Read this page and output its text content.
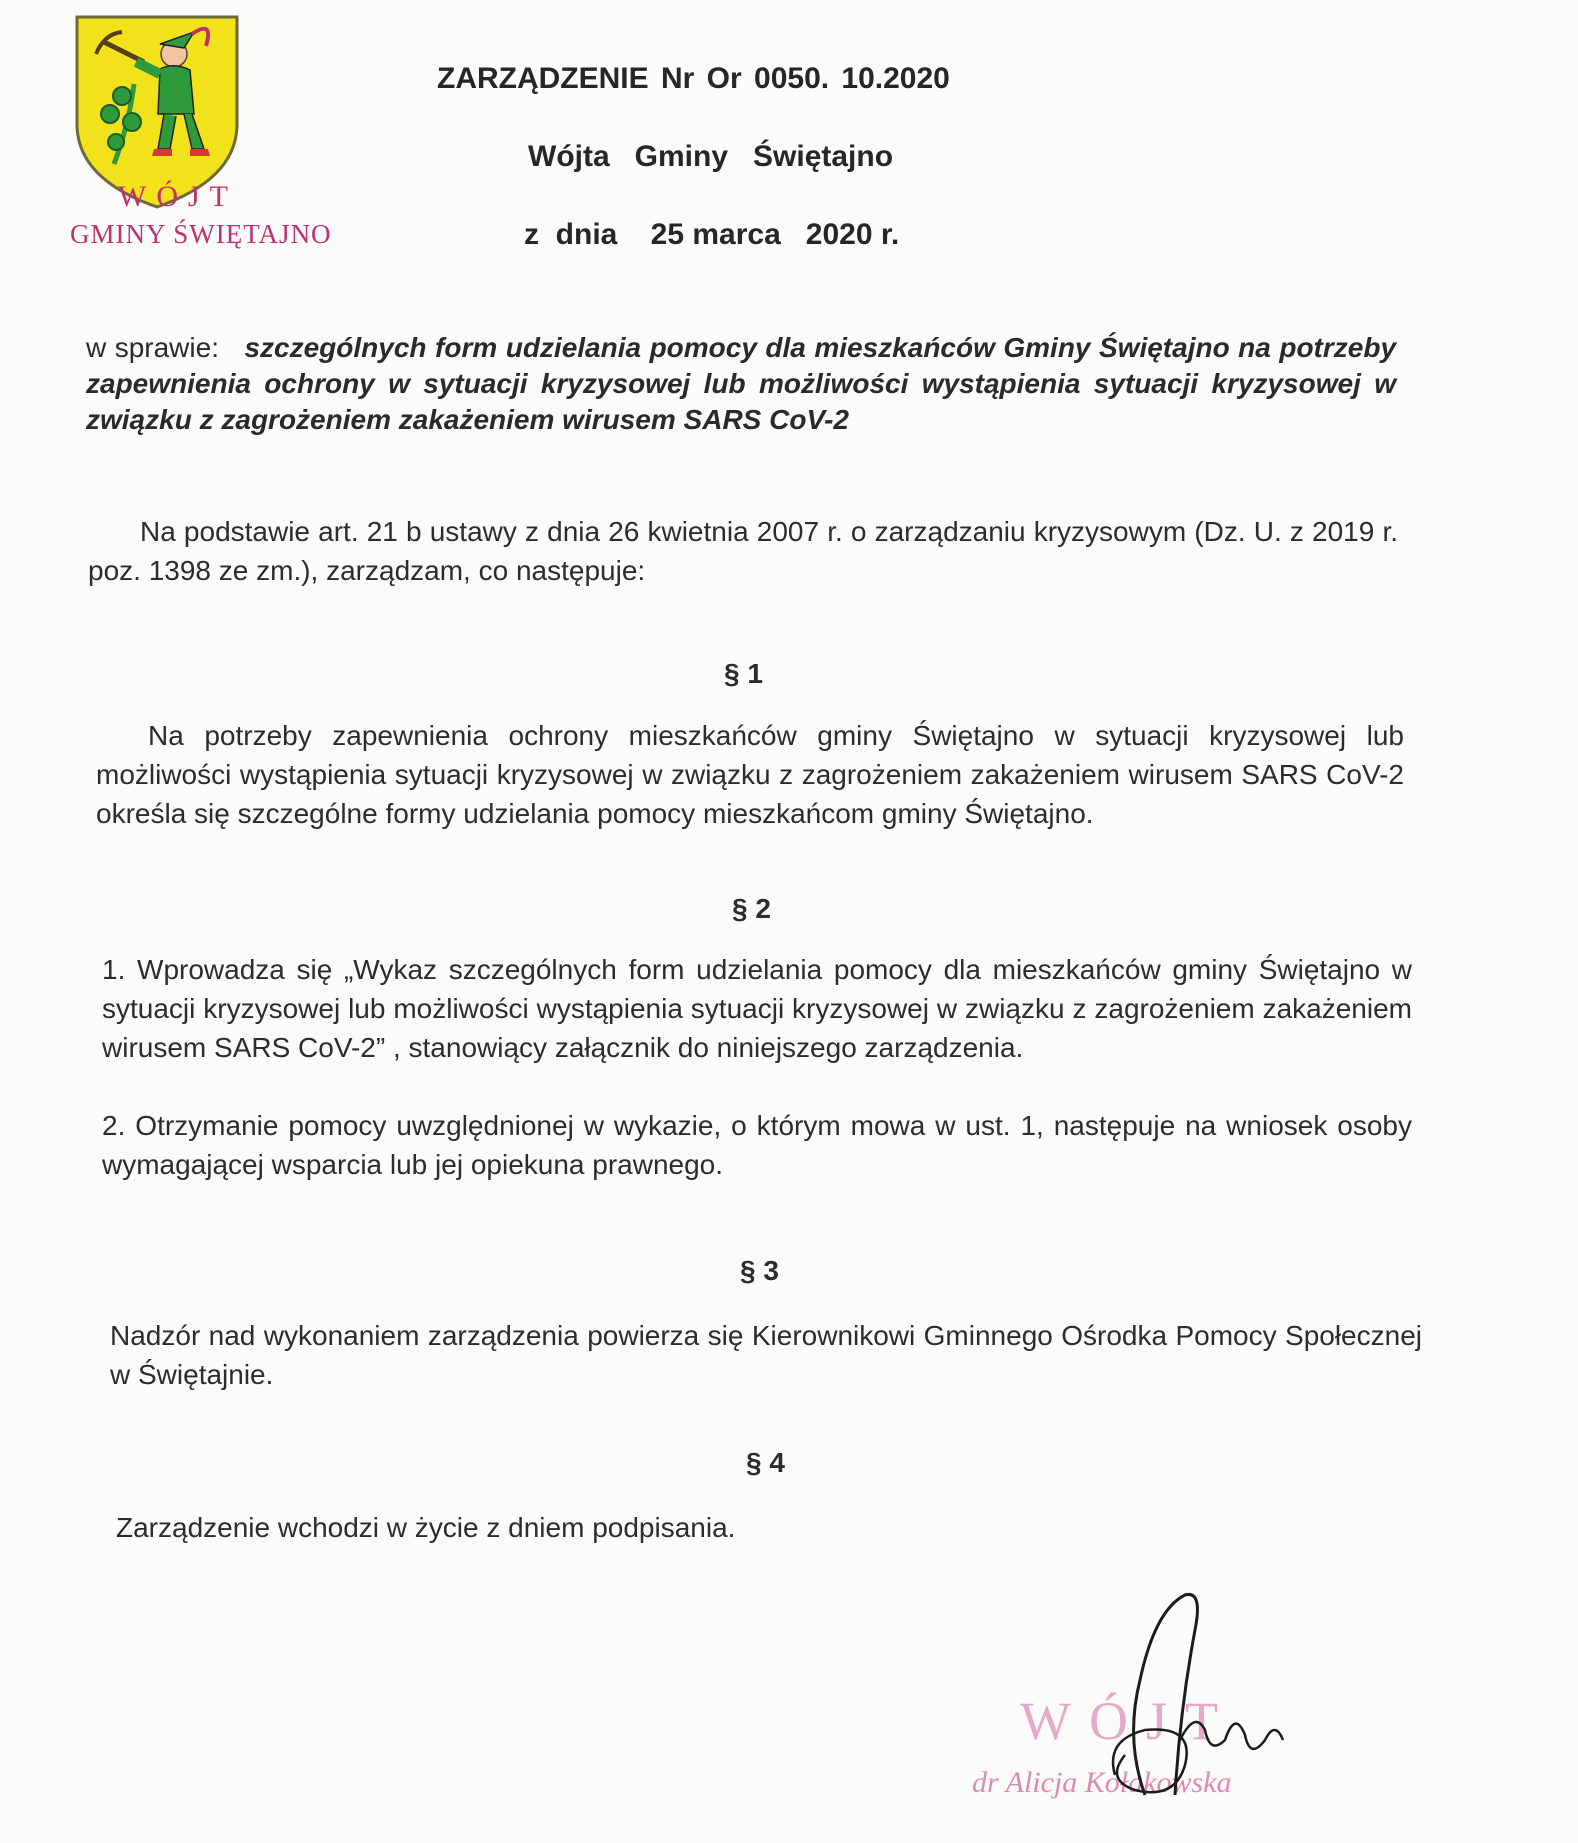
WÓJT
GMINY ŚWIĘTAJNO
ZARZĄDZENIE Nr Or 0050. 10.2020
Wójta   Gminy   Świętajno
z  dnia    25 marca   2020 r.
w sprawie: szczególnych form udzielania pomocy dla mieszkańców Gminy Świętajno na potrzeby zapewnienia ochrony w sytuacji kryzysowej lub możliwości wystąpienia sytuacji kryzysowej w związku z zagrożeniem zakażeniem wirusem SARS CoV-2
Na podstawie art. 21 b ustawy z dnia 26 kwietnia 2007 r. o zarządzaniu kryzysowym (Dz. U. z 2019 r. poz. 1398 ze zm.), zarządzam, co następuje:
§ 1
Na potrzeby zapewnienia ochrony mieszkańców gminy Świętajno w sytuacji kryzysowej lub możliwości wystąpienia sytuacji kryzysowej w związku z zagrożeniem zakażeniem wirusem SARS CoV-2 określa się szczególne formy udzielania pomocy mieszkańcom gminy Świętajno.
§ 2
1. Wprowadza się „Wykaz szczególnych form udzielania pomocy dla mieszkańców gminy Świętajno w sytuacji kryzysowej lub możliwości wystąpienia sytuacji kryzysowej w związku z zagrożeniem zakażeniem wirusem SARS CoV-2” , stanowiący załącznik do niniejszego zarządzenia.
2. Otrzymanie pomocy uwzględnionej w wykazie, o którym mowa w ust. 1, następuje na wniosek osoby wymagającej wsparcia lub jej opiekuna prawnego.
§ 3
Nadzór nad wykonaniem zarządzenia powierza się Kierownikowi Gminnego Ośrodka Pomocy Społecznej w Świętajnie.
§ 4
Zarządzenie wchodzi w życie z dniem podpisania.
WÓJT
dr Alicja Kołakowska
